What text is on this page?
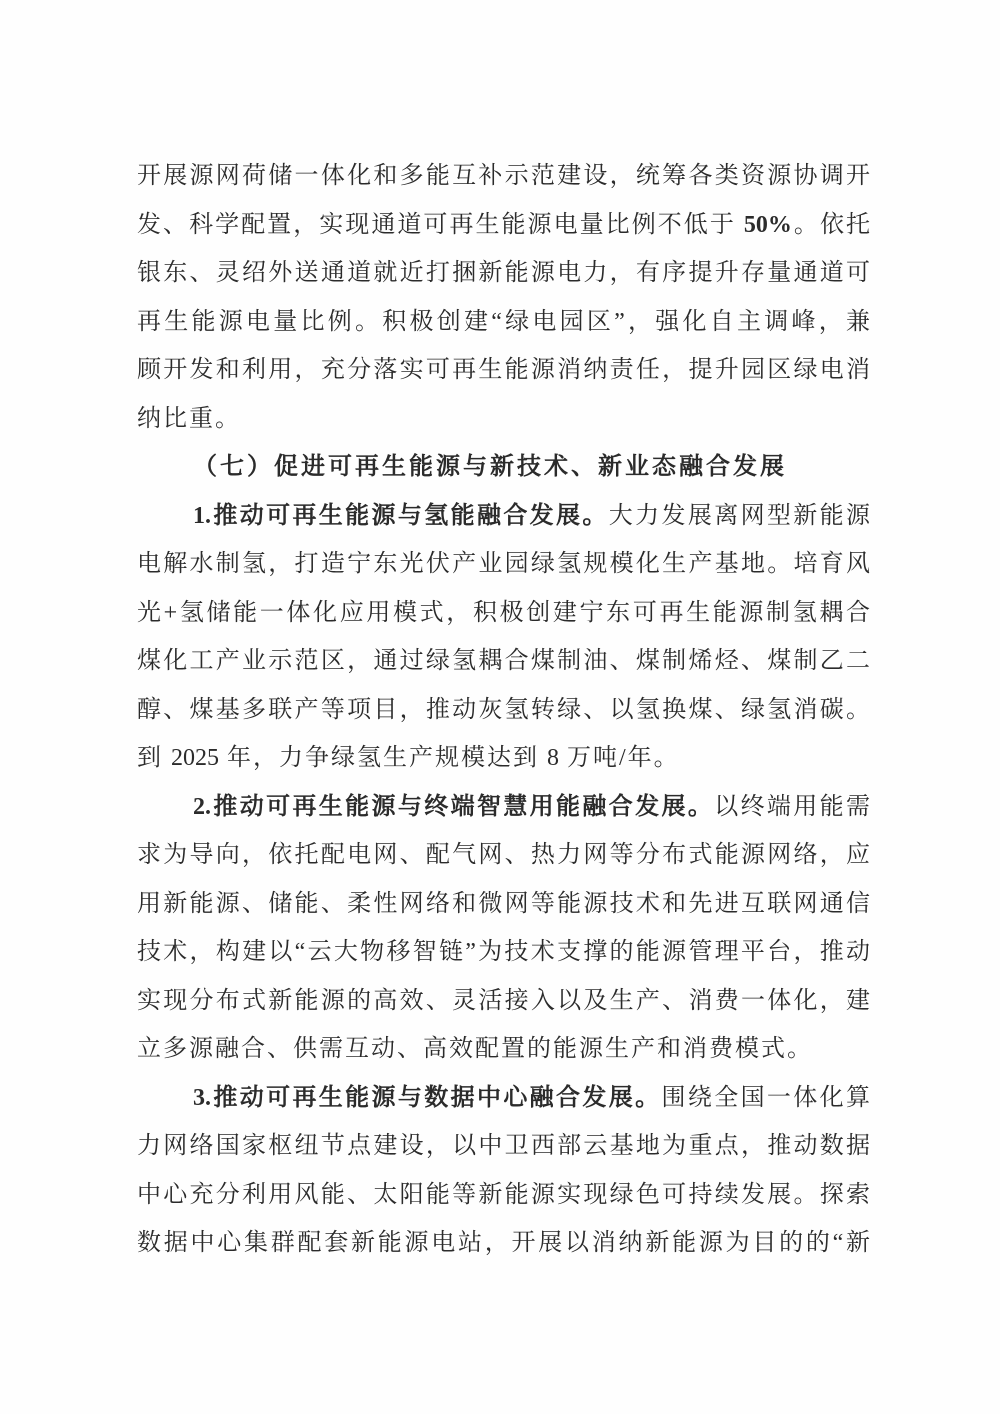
开展源网荷储一体化和多能互补示范建设，统筹各类资源协调开
发、科学配置，实现通道可再生能源电量比例不低于 50%。依托
银东、灵绍外送通道就近打捆新能源电力，有序提升存量通道可
再生能源电量比例。积极创建“绿电园区”，强化自主调峰，兼
顾开发和利用，充分落实可再生能源消纳责任，提升园区绿电消
纳比重。
（七）促进可再生能源与新技术、新业态融合发展
1.推动可再生能源与氢能融合发展。大力发展离网型新能源
电解水制氢，打造宁东光伏产业园绿氢规模化生产基地。培育风
光+氢储能一体化应用模式，积极创建宁东可再生能源制氢耦合
煤化工产业示范区，通过绿氢耦合煤制油、煤制烯烃、煤制乙二
醇、煤基多联产等项目，推动灰氢转绿、以氢换煤、绿氢消碳。
到 2025 年，力争绿氢生产规模达到 8 万吨/年。
2.推动可再生能源与终端智慧用能融合发展。以终端用能需
求为导向，依托配电网、配气网、热力网等分布式能源网络，应
用新能源、储能、柔性网络和微网等能源技术和先进互联网通信
技术，构建以“云大物移智链”为技术支撑的能源管理平台，推动
实现分布式新能源的高效、灵活接入以及生产、消费一体化，建
立多源融合、供需互动、高效配置的能源生产和消费模式。
3.推动可再生能源与数据中心融合发展。围绕全国一体化算
力网络国家枢纽节点建设，以中卫西部云基地为重点，推动数据
中心充分利用风能、太阳能等新能源实现绿色可持续发展。探索
数据中心集群配套新能源电站，开展以消纳新能源为目的的“新
